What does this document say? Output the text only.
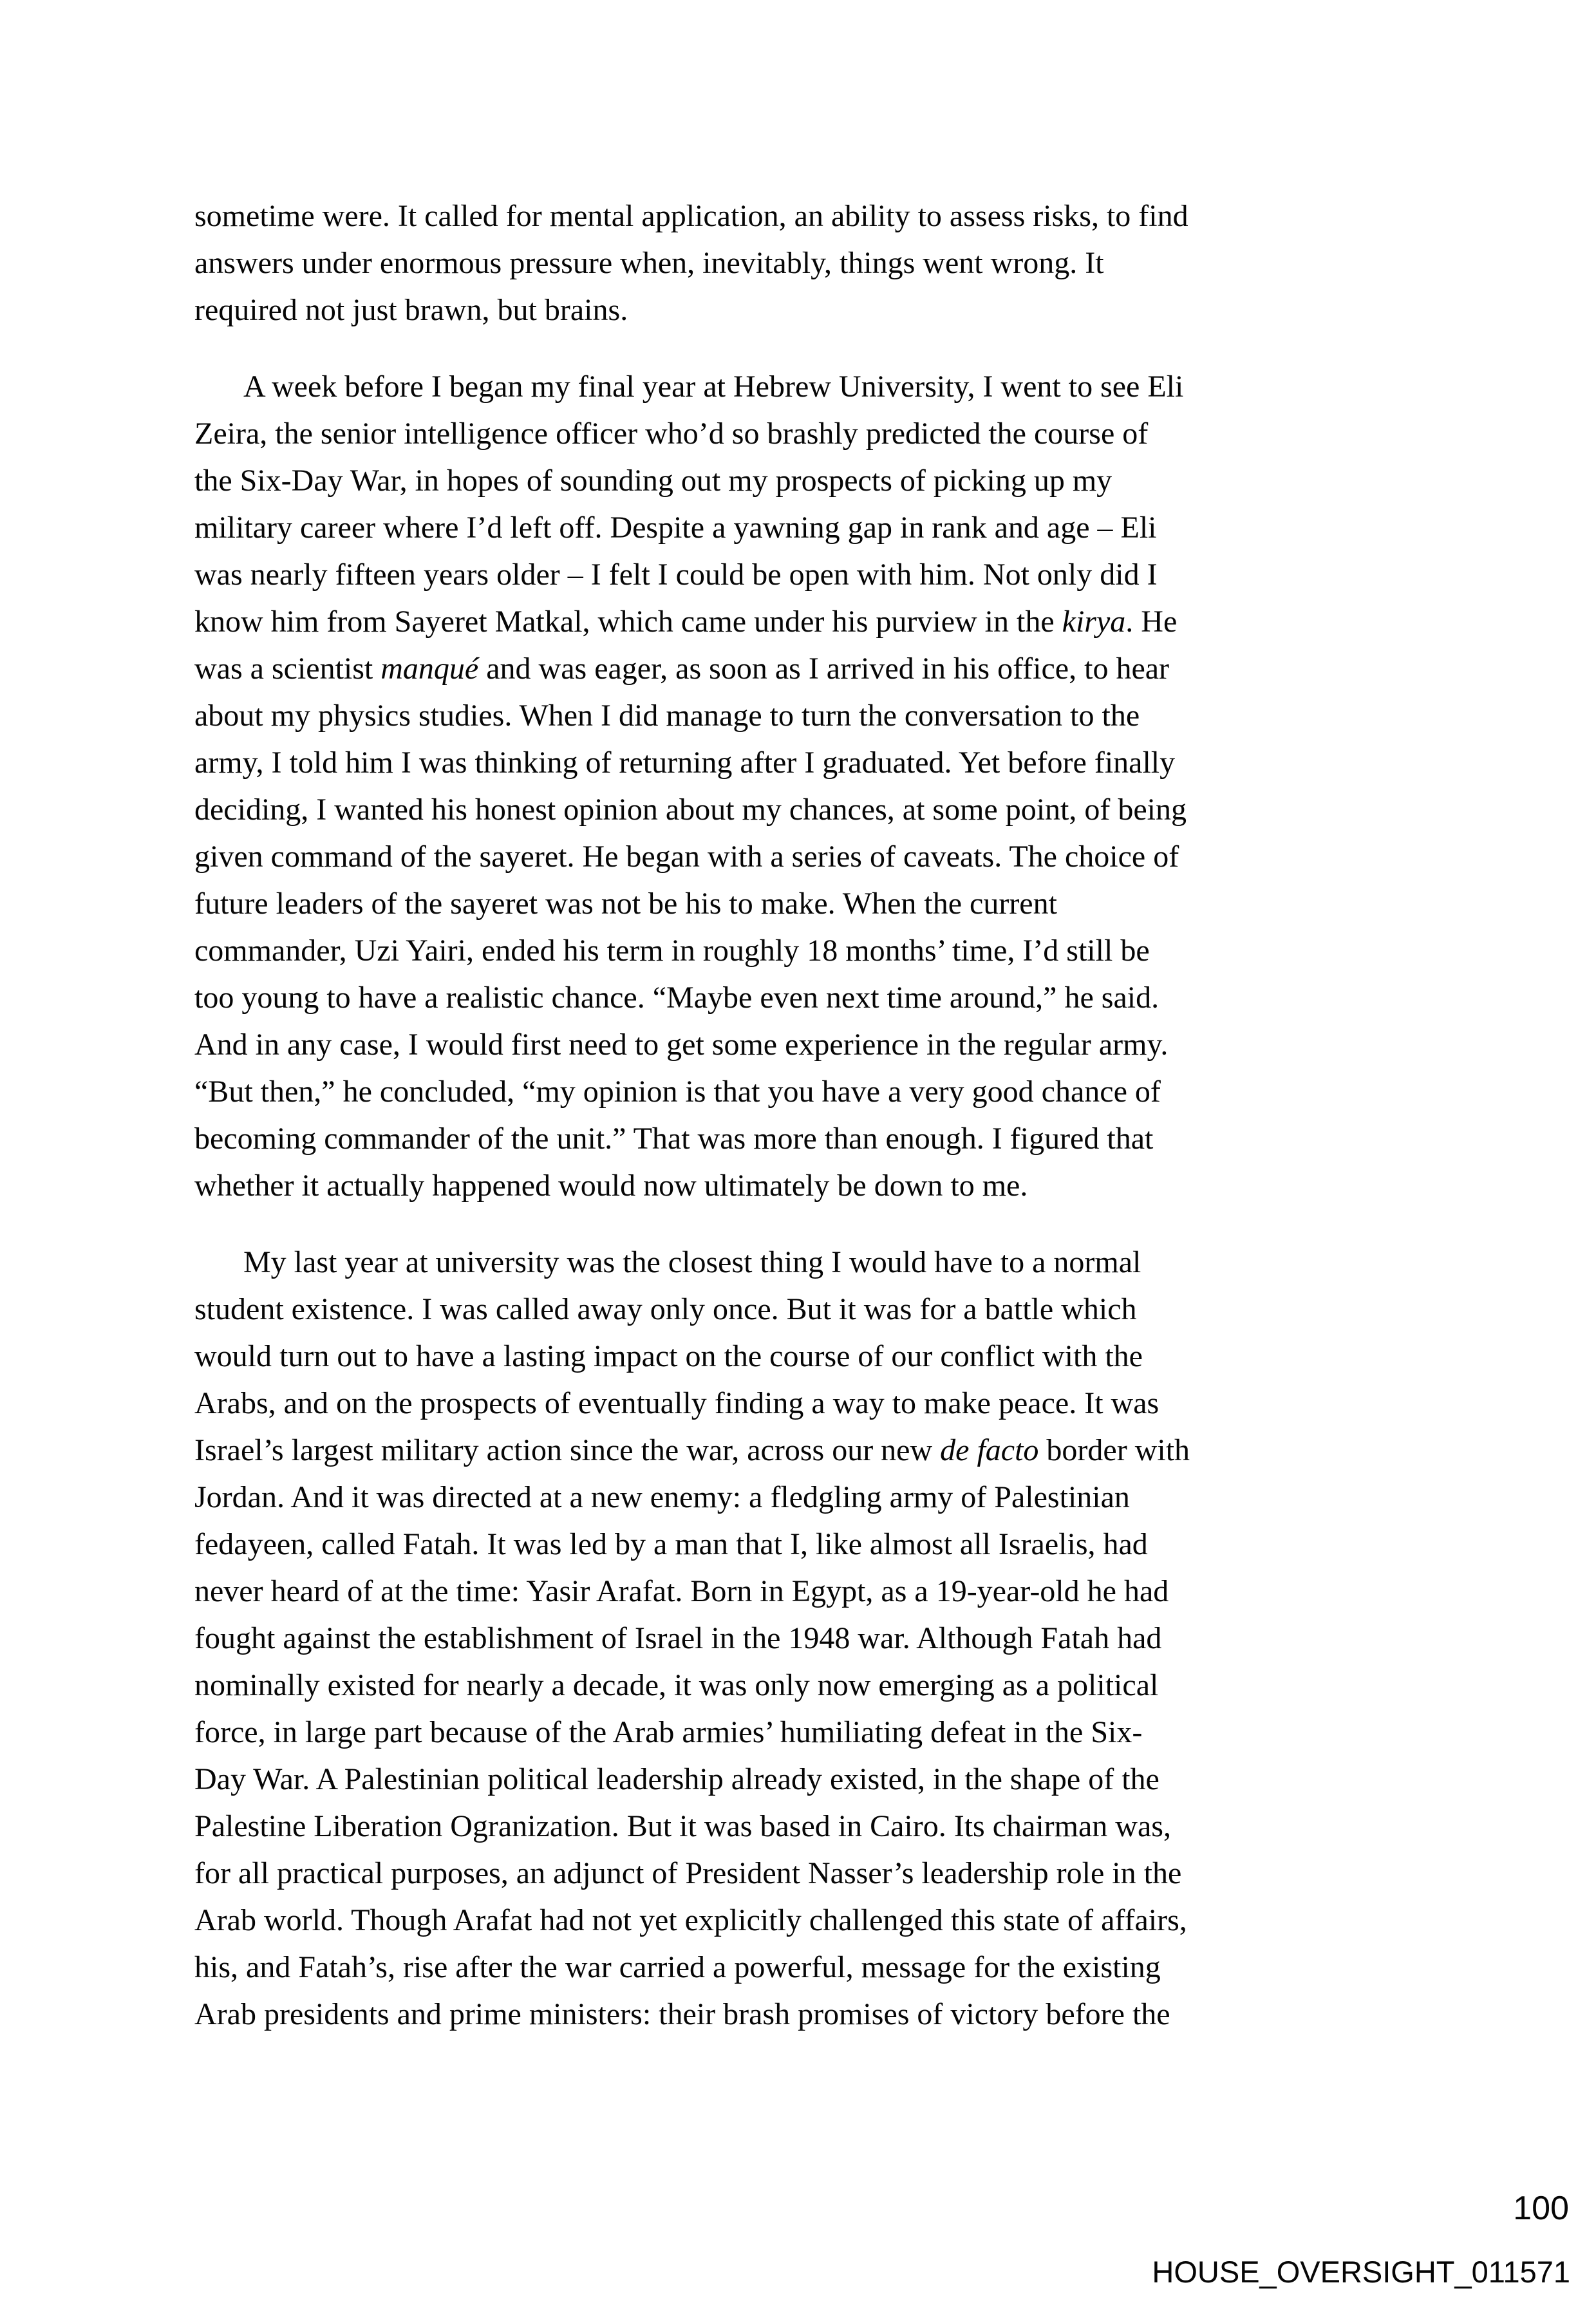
sometime were. It called for mental application, an ability to assess risks, to find
answers under enormous pressure when, inevitably, things went wrong. It
required not just brawn, but brains.
A week before I began my final year at Hebrew University, I went to see Eli
Zeira, the senior intelligence officer who’d so brashly predicted the course of
the Six-Day War, in hopes of sounding out my prospects of picking up my
military career where I’d left off. Despite a yawning gap in rank and age – Eli
was nearly fifteen years older – I felt I could be open with him. Not only did I
know him from Sayeret Matkal, which came under his purview in the kirya. He
was a scientist manqué and was eager, as soon as I arrived in his office, to hear
about my physics studies. When I did manage to turn the conversation to the
army, I told him I was thinking of returning after I graduated. Yet before finally
deciding, I wanted his honest opinion about my chances, at some point, of being
given command of the sayeret. He began with a series of caveats. The choice of
future leaders of the sayeret was not be his to make. When the current
commander, Uzi Yairi, ended his term in roughly 18 months’ time, I’d still be
too young to have a realistic chance. “Maybe even next time around,” he said.
And in any case, I would first need to get some experience in the regular army.
“But then,” he concluded, “my opinion is that you have a very good chance of
becoming commander of the unit.” That was more than enough. I figured that
whether it actually happened would now ultimately be down to me.
My last year at university was the closest thing I would have to a normal
student existence. I was called away only once. But it was for a battle which
would turn out to have a lasting impact on the course of our conflict with the
Arabs, and on the prospects of eventually finding a way to make peace. It was
Israel’s largest military action since the war, across our new de facto border with
Jordan. And it was directed at a new enemy: a fledgling army of Palestinian
fedayeen, called Fatah. It was led by a man that I, like almost all Israelis, had
never heard of at the time: Yasir Arafat. Born in Egypt, as a 19-year-old he had
fought against the establishment of Israel in the 1948 war. Although Fatah had
nominally existed for nearly a decade, it was only now emerging as a political
force, in large part because of the Arab armies’ humiliating defeat in the Six-
Day War. A Palestinian political leadership already existed, in the shape of the
Palestine Liberation Ogranization. But it was based in Cairo. Its chairman was,
for all practical purposes, an adjunct of President Nasser’s leadership role in the
Arab world. Though Arafat had not yet explicitly challenged this state of affairs,
his, and Fatah’s, rise after the war carried a powerful, message for the existing
Arab presidents and prime ministers: their brash promises of victory before the
100
HOUSE_OVERSIGHT_011571
